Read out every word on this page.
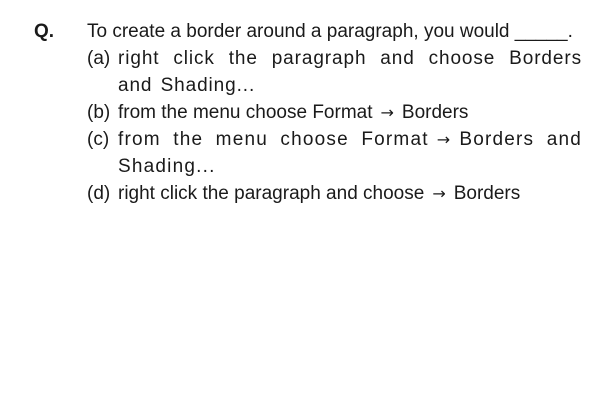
Q. To create a border around a paragraph, you would _____.
(a) right click the paragraph and choose Borders and Shading...
(b) from the menu choose Format → Borders
(c) from the menu choose Format → Borders and Shading...
(d) right click the paragraph and choose → Borders
